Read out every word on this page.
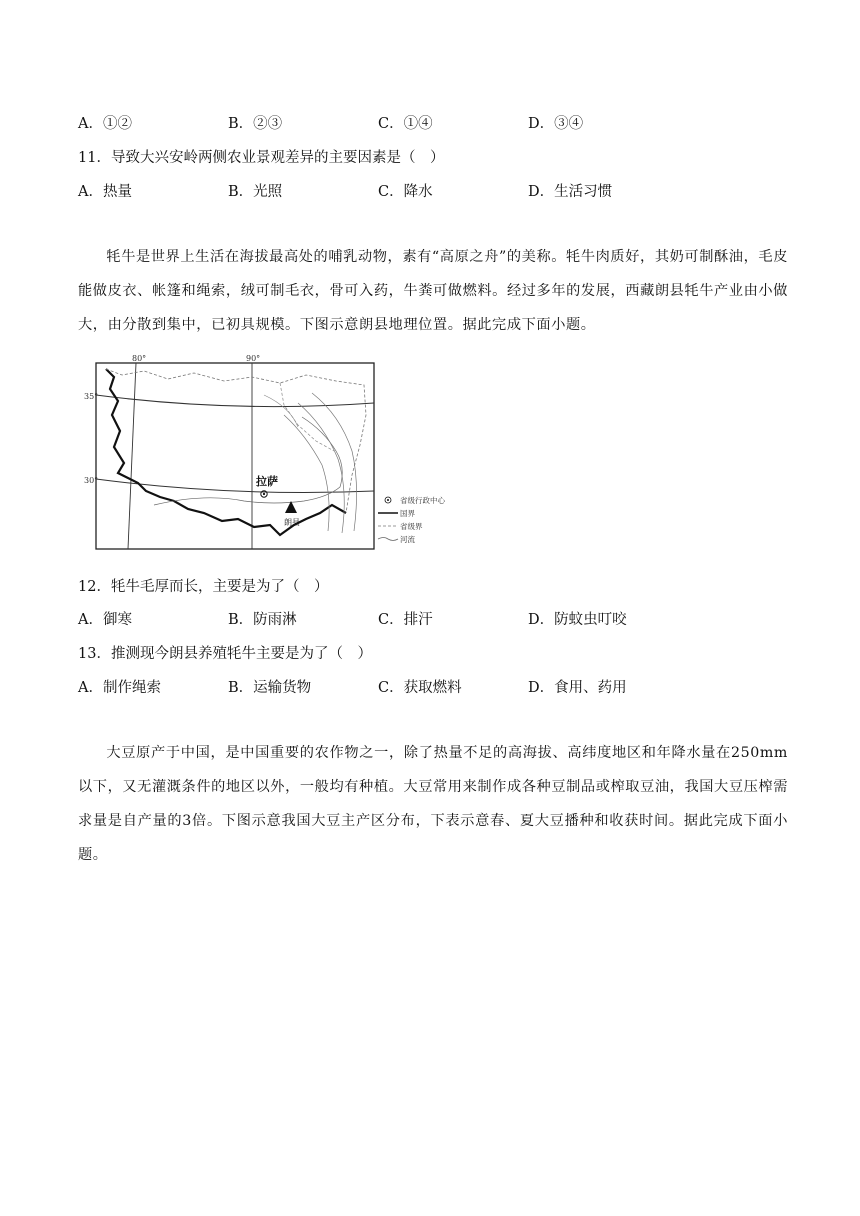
A．①②	B．②③	C．①④	D．③④
11．导致大兴安岭两侧农业景观差异的主要因素是（　）
A．热量	B．光照	C．降水	D．生活习惯
牦牛是世界上生活在海拔最高处的哺乳动物，素有“高原之舟”的美称。牦牛肉质好，其奶可制酥油，毛皮能做皮衣、帐篷和绳索，绒可制毛衣，骨可入药，牛粪可做燃料。经过多年的发展，西藏朗县牦牛产业由小做大，由分散到集中，已初具规模。下图示意朗县地理位置。据此完成下面小题。
80°	90°
35°
30°	拉萨
朗县
省级行政中心
国界
省级界
河流
12．牦牛毛厚而长，主要是为了（　）
A．御寒	B．防雨淋	C．排汗	D．防蚊虫叮咬
13．推测现今朗县养殖牦牛主要是为了（　）
A．制作绳索	B．运输货物	C．获取燃料	D．食用、药用
大豆原产于中国，是中国重要的农作物之一，除了热量不足的高海拔、高纬度地区和年降水量在250mm以下，又无灌溉条件的地区以外，一般均有种植。大豆常用来制作成各种豆制品或榨取豆油，我国大豆压榨需求量是自产量的3倍。下图示意我国大豆主产区分布，下表示意春、夏大豆播种和收获时间。据此完成下面小题。
